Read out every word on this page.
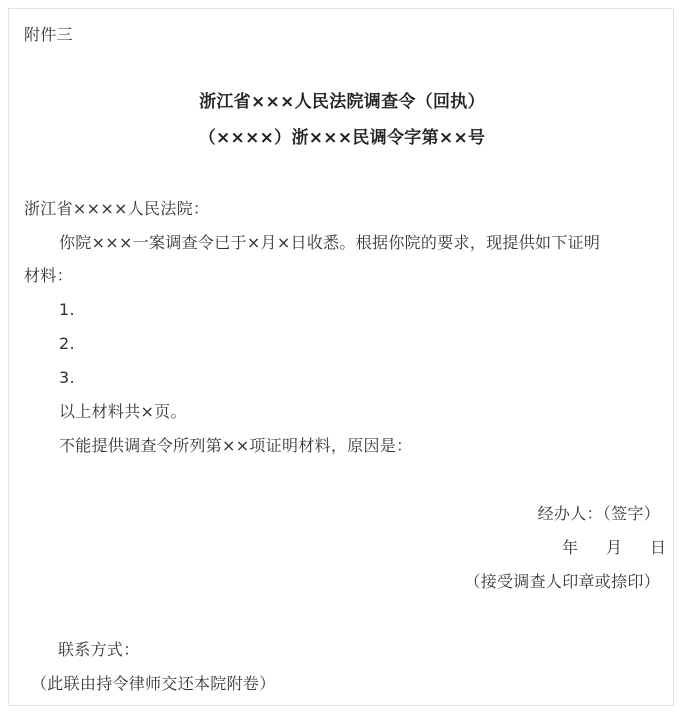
附件三
浙江省×××人民法院调查令（回执）
（××××）浙×××民调令字第××号
浙江省××××人民法院：
你院×××一案调查令已于×月×日收悉。根据你院的要求，现提供如下证明
材料：
1.
2.
3.
以上材料共×页。
不能提供调查令所列第××项证明材料，原因是：
经办人：（签字）
年 月 日
（接受调查人印章或捺印）
联系方式：
（此联由持令律师交还本院附卷）
